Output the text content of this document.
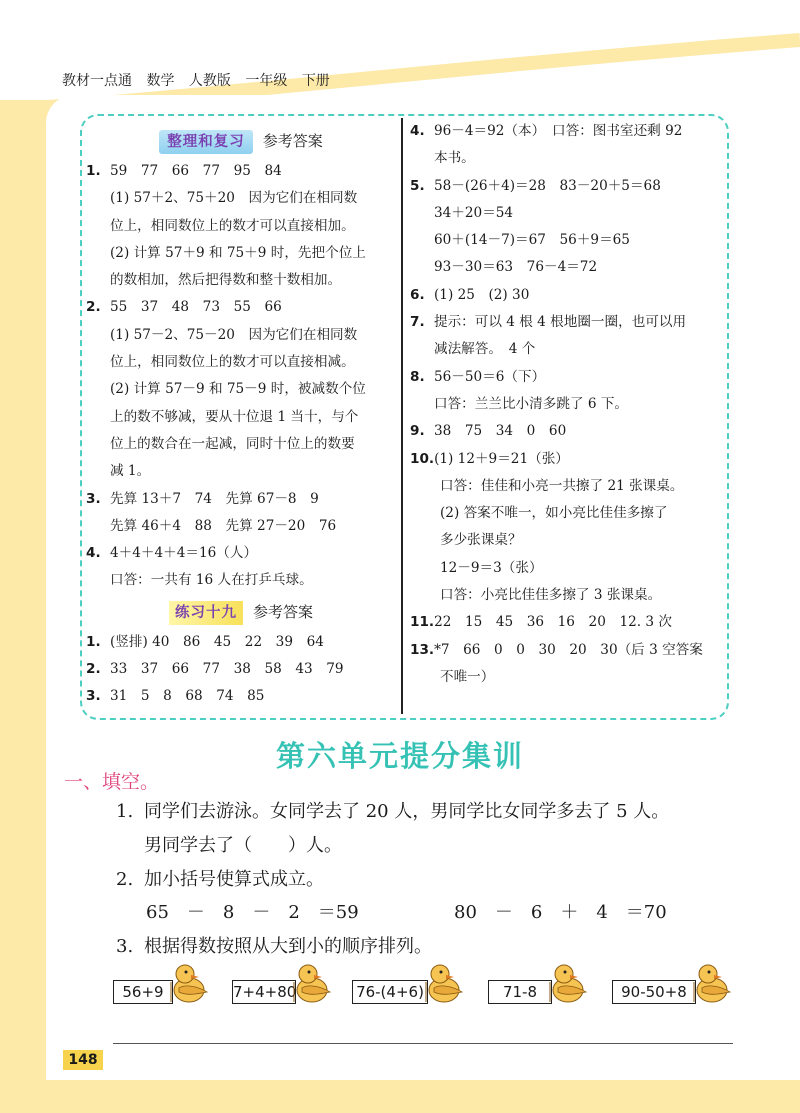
教材一点通 数学 人教版 一年级 下册
整理和复习 参考答案
1. 59　77　66　77　95　84
(1) 57＋2、75＋20　因为它们在相同数
位上，相同数位上的数才可以直接相加。
(2) 计算 57＋9 和 75＋9 时，先把个位上
的数相加，然后把得数和整十数相加。
2. 55　37　48　73　55　66
(1) 57－2、75－20　因为它们在相同数
位上，相同数位上的数才可以直接相减。
(2) 计算 57－9 和 75－9 时，被减数个位
上的数不够减，要从十位退 1 当十，与个
位上的数合在一起减，同时十位上的数要
减 1。
3. 先算 13＋7　74　先算 67－8　9
先算 46＋4　88　先算 27－20　76
4. 4＋4＋4＋4＝16（人）
口答：一共有 16 人在打乒乓球。
练习十九 参考答案
1. (竖排) 40　86　45　22　39　64
2. 33　37　66　77　38　58　43　79
3. 31　5　8　68　74　85
4. 96－4＝92（本）　口答：图书室还剩 92
本书。
5. 58－(26＋4)＝28　83－20＋5＝68
34＋20＝54
60＋(14－7)＝67　56＋9＝65
93－30＝63　76－4＝72
6. (1) 25　(2) 30
7. 提示：可以 4 根 4 根地圈一圈，也可以用
减法解答。　4 个
8. 56－50＝6（下）
口答：兰兰比小清多跳了 6 下。
9. 38　75　34　0　60
10.(1) 12＋9＝21（张）
口答：佳佳和小亮一共擦了 21 张课桌。
(2) 答案不唯一，如小亮比佳佳多擦了
多少张课桌？
12－9＝3（张）
口答：小亮比佳佳多擦了 3 张课桌。
11.22　15　45　36　16　20　12. 3 次
13.*7　66　0　0　30　20　30（后 3 空答案
不唯一）
第六单元提分集训
一、填空。
1. 同学们去游泳。女同学去了 20 人，男同学比女同学多去了 5 人。
男同学去了（　　）人。
2. 加小括号使算式成立。
65　－　8　－　2　＝59	80　－　6　＋　4　＝70
3. 根据得数按照从大到小的顺序排列。
56+9	7+4+80	76-(4+6)	71-8	90-50+8
148
